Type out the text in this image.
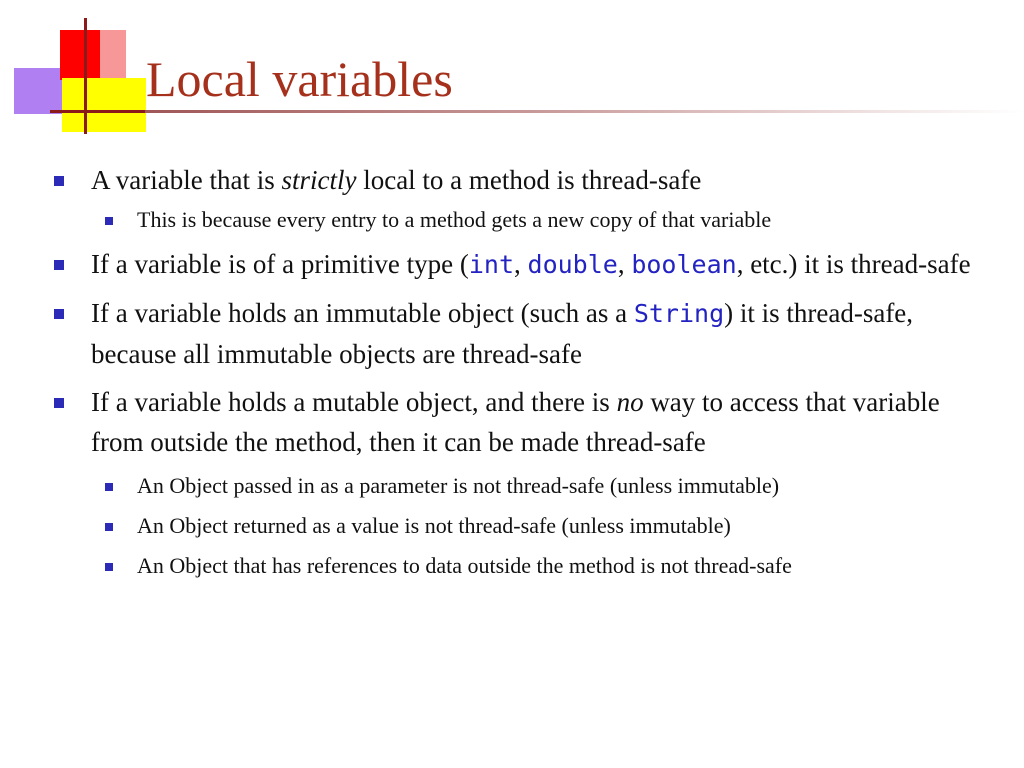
Local variables

A variable that is strictly local to a method is thread-safe

This is because every entry to a method gets a new copy of that variable

If a variable is of a primitive type (int, double, boolean, etc.) it is thread-safe

If a variable holds an immutable object (such as a String) it is thread-safe, because all immutable objects are thread-safe

If a variable holds a mutable object, and there is no way to access that variable from outside the method, then it can be made thread-safe

An Object passed in as a parameter is not thread-safe (unless immutable)

An Object returned as a value is not thread-safe (unless immutable)

An Object that has references to data outside the method is not thread-safe
